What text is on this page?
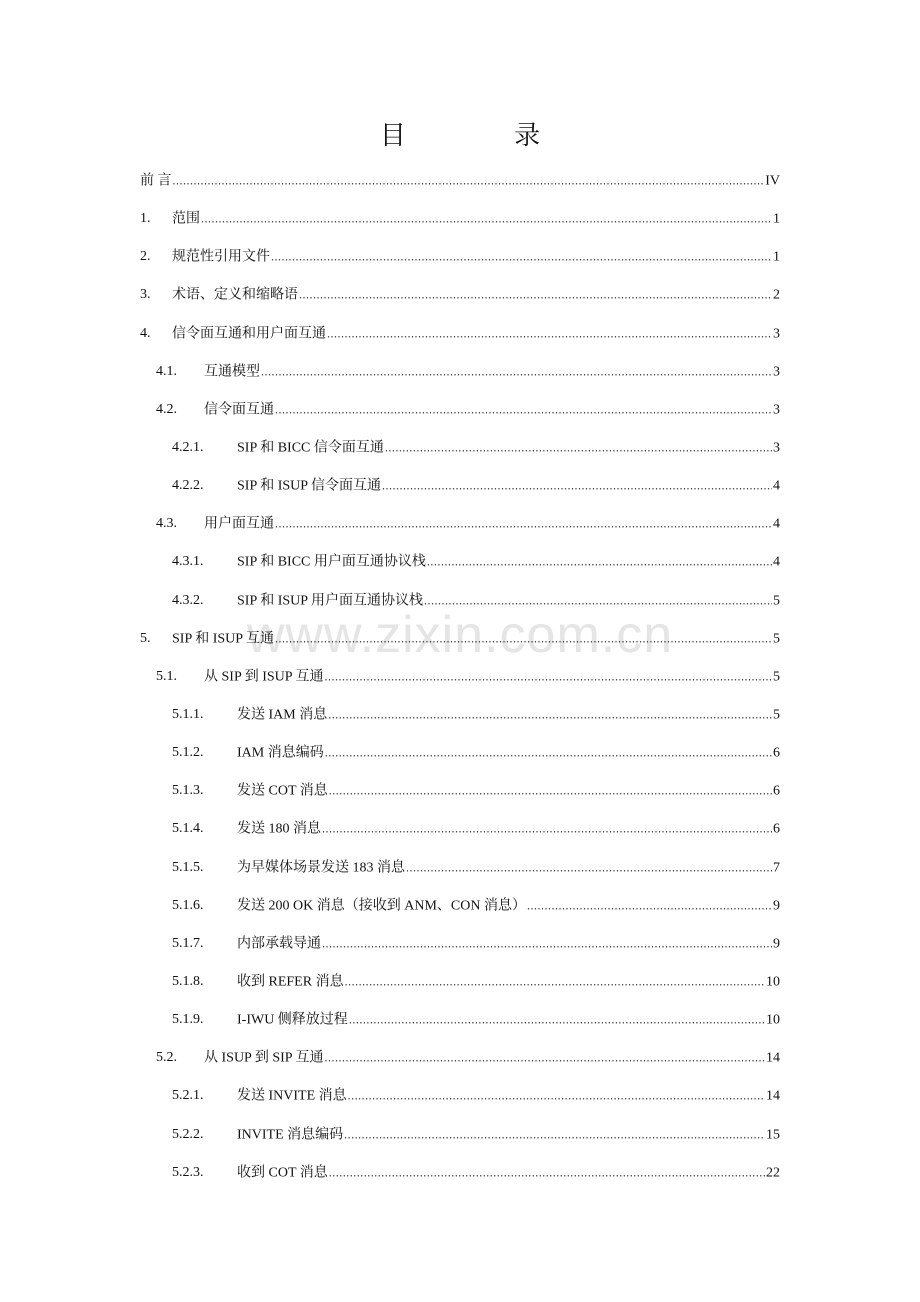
目 录
www.zixin.com.cn
前 言 .....	IV
1. 范围 .....	1
2. 规范性引用文件 .....	1
3. 术语、定义和缩略语 .....	2
4. 信令面互通和用户面互通 .....	3
4.1. 互通模型 .....	3
4.2. 信令面互通 .....	3
4.2.1. SIP 和 BICC 信令面互通 .....	3
4.2.2. SIP 和 ISUP 信令面互通 .....	4
4.3. 用户面互通 .....	4
4.3.1. SIP 和 BICC 用户面互通协议栈 .....	4
4.3.2. SIP 和 ISUP 用户面互通协议栈 .....	5
5. SIP 和 ISUP 互通 .....	5
5.1. 从 SIP 到 ISUP 互通 .....	5
5.1.1. 发送 IAM 消息 .....	5
5.1.2. IAM 消息编码 .....	6
5.1.3. 发送 COT 消息 .....	6
5.1.4. 发送 180 消息 .....	6
5.1.5. 为早媒体场景发送 183 消息 .....	7
5.1.6. 发送 200 OK 消息（接收到 ANM、CON 消息） .....	9
5.1.7. 内部承载导通 .....	9
5.1.8. 收到 REFER 消息 .....	10
5.1.9. I-IWU 侧释放过程 .....	10
5.2. 从 ISUP 到 SIP 互通 .....	14
5.2.1. 发送 INVITE 消息 .....	14
5.2.2. INVITE 消息编码 .....	15
5.2.3. 收到 COT 消息 .....	22
